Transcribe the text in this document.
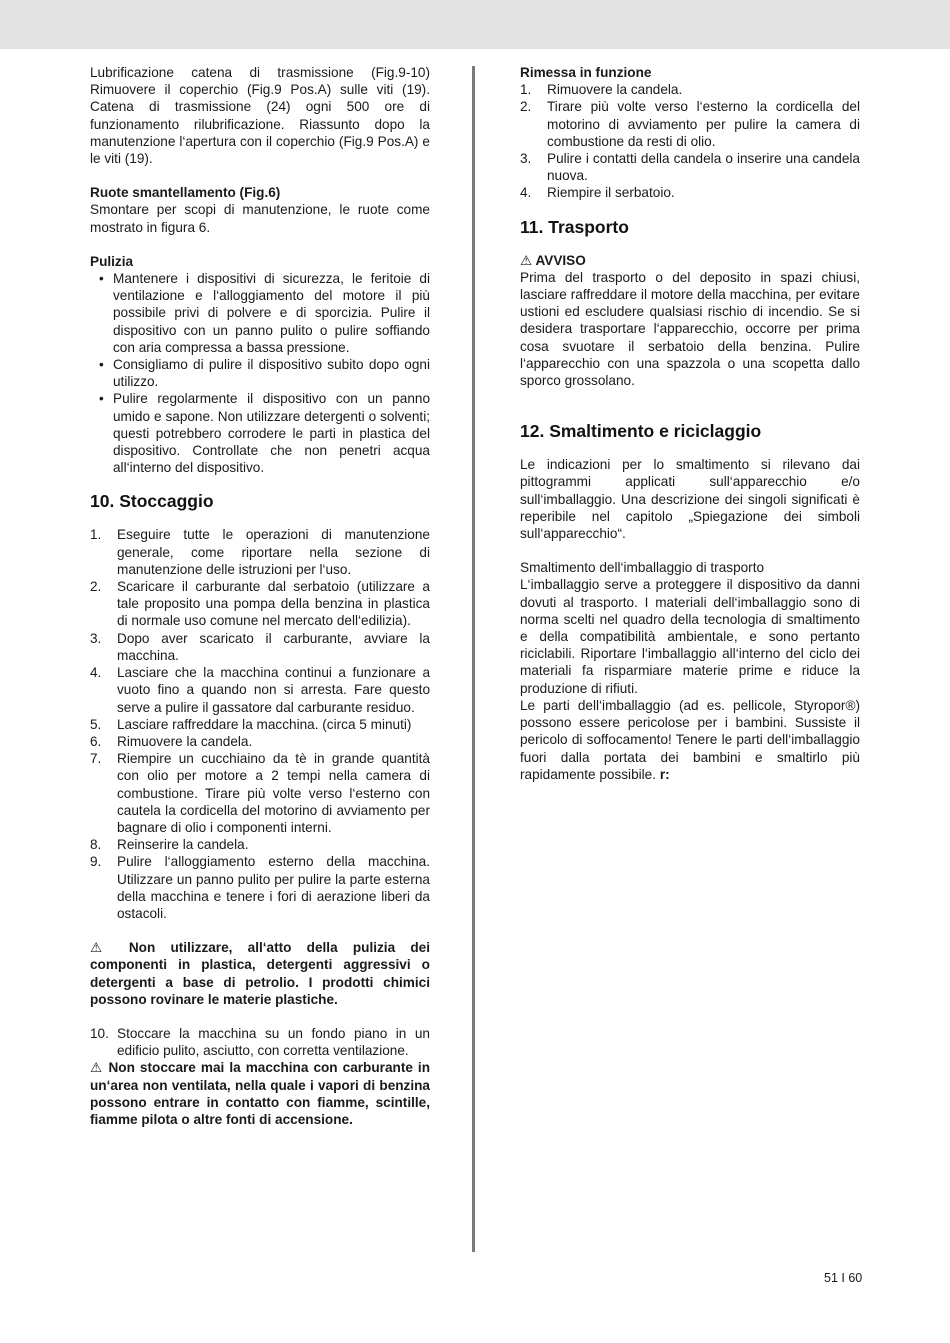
Lubrificazione catena di trasmissione (Fig.9-10) Rimuovere il coperchio (Fig.9 Pos.A) sulle viti (19). Catena di trasmissione (24) ogni 500 ore di funzionamento rilubrificazione. Riassunto dopo la manutenzione l‘apertura con il coperchio (Fig.9 Pos.A) e le viti (19).

Ruote smantellamento (Fig.6)

Smontare per scopi di manutenzione, le ruote come mostrato in figura 6.

Pulizia

• Mantenere i dispositivi di sicurezza, le feritoie di ventilazione e l‘alloggiamento del motore il più possibile privi di polvere e di sporcizia. Pulire il dispositivo con un panno pulito o pulire soffiando con aria compressa a bassa pressione.
• Consigliamo di pulire il dispositivo subito dopo ogni utilizzo.
• Pulire regolarmente il dispositivo con un panno umido e sapone. Non utilizzare detergenti o solventi; questi potrebbero corrodere le parti in plastica del dispositivo. Controllate che non penetri acqua all‘interno del dispositivo.
10. Stoccaggio
1. Eseguire tutte le operazioni di manutenzione generale, come riportare nella sezione di manutenzione delle istruzioni per l‘uso.
2. Scaricare il carburante dal serbatoio (utilizzare a tale proposito una pompa della benzina in plastica di normale uso comune nel mercato dell‘edilizia).
3. Dopo aver scaricato il carburante, avviare la macchina.
4. Lasciare che la macchina continui a funzionare a vuoto fino a quando non si arresta. Fare questo serve a pulire il gassatore dal carburante residuo.
5. Lasciare raffreddare la macchina. (circa 5 minuti)
6. Rimuovere la candela.
7. Riempire un cucchiaino da tè in grande quantità con olio per motore a 2 tempi nella camera di combustione. Tirare più volte verso l‘esterno con cautela la cordicella del motorino di avviamento per bagnare di olio i componenti interni.
8. Reinserire la candela.
9. Pulire l‘alloggiamento esterno della macchina. Utilizzare un panno pulito per pulire la parte esterna della macchina e tenere i fori di aerazione liberi da ostacoli.

⚠ Non utilizzare, all‘atto della pulizia dei componenti in plastica, detergenti aggressivi o detergenti a base di petrolio. I prodotti chimici possono rovinare le materie plastiche.

10. Stoccare la macchina su un fondo piano in un edificio pulito, asciutto, con corretta ventilazione.

⚠ Non stoccare mai la macchina con carburante in un‘area non ventilata, nella quale i vapori di benzina possono entrare in contatto con fiamme, scintille, fiamme pilota o altre fonti di accensione.

Rimessa in funzione

1. Rimuovere la candela.
2. Tirare più volte verso l‘esterno la cordicella del motorino di avviamento per pulire la camera di combustione da resti di olio.
3. Pulire i contatti della candela o inserire una candela nuova.
4. Riempire il serbatoio.
11. Trasporto

⚠ AVVISO

Prima del trasporto o del deposito in spazi chiusi, lasciare raffreddare il motore della macchina, per evitare ustioni ed escludere qualsiasi rischio di incendio. Se si desidera trasportare l‘apparecchio, occorre per prima cosa svuotare il serbatoio della benzina. Pulire l‘apparecchio con una spazzola o una scopetta dallo sporco grossolano.

12. Smaltimento e riciclaggio

Le indicazioni per lo smaltimento si rilevano dai pittogrammi applicati sull‘apparecchio e/o sull‘imballaggio. Una descrizione dei singoli significati è reperibile nel capitolo „Spiegazione dei simboli sull‘apparecchio“.

Smaltimento dell‘imballaggio di trasporto

L‘imballaggio serve a proteggere il dispositivo da danni dovuti al trasporto. I materiali dell‘imballaggio sono di norma scelti nel quadro della tecnologia di smaltimento e della compatibilità ambientale, e sono pertanto riciclabili. Riportare l‘imballaggio all‘interno del ciclo dei materiali fa risparmiare materie prime e riduce la produzione di rifiuti.

Le parti dell‘imballaggio (ad es. pellicole, Styropor®) possono essere pericolose per i bambini. Sussiste il pericolo di soffocamento! Tenere le parti dell‘imballaggio fuori dalla portata dei bambini e smaltirlo più rapidamente possibile. r:

51 I 60
